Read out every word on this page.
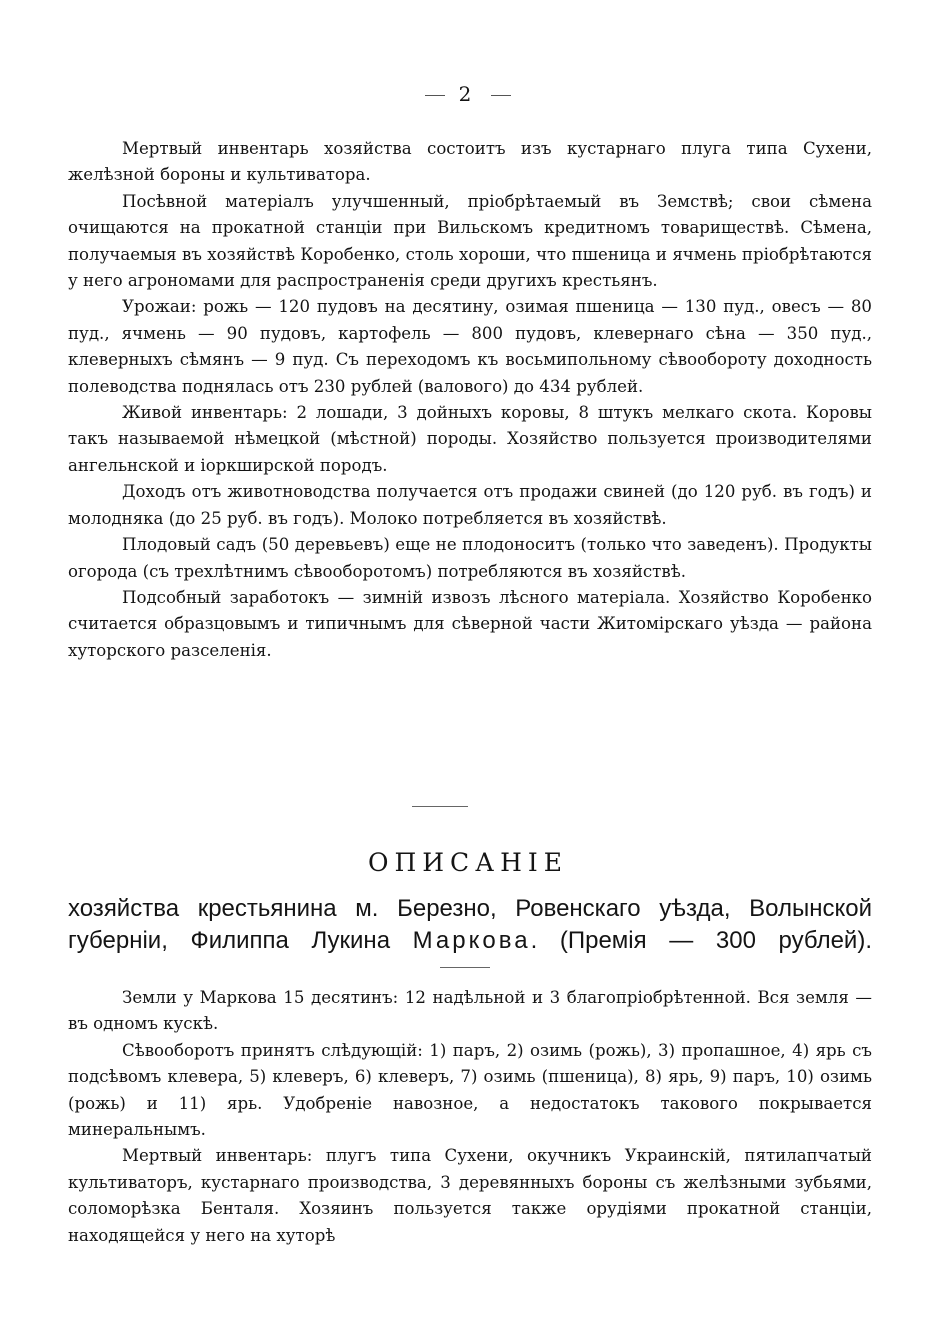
2

Мертвый инвентарь хозяйства состоитъ изъ кустарнаго плуга типа Сухени, желѣзной бороны и культиватора.

Посѣвной матеріалъ улучшенный, пріобрѣтаемый въ Земствѣ; свои сѣмена очищаются на прокатной станціи при Вильскомъ кредитномъ товариществѣ. Сѣмена, получаемыя въ хозяйствѣ Коробенко, столь хороши, что пшеница и ячмень пріобрѣтаются у него агрономами для распространенія среди другихъ крестьянъ.

Урожаи: рожь — 120 пудовъ на десятину, озимая пшеница — 130 пуд., овесъ — 80 пуд., ячмень — 90 пудовъ, картофель — 800 пудовъ, клевернаго сѣна — 350 пуд., клеверныхъ сѣмянъ — 9 пуд. Съ переходомъ къ восьмипольному сѣвообороту доходность полеводства поднялась отъ 230 рублей (валового) до 434 рублей.

Живой инвентарь: 2 лошади, 3 дойныхъ коровы, 8 штукъ мелкаго скота. Коровы такъ называемой нѣмецкой (мѣстной) породы. Хозяйство пользуется производителями ангельнской и іоркширской породъ.

Доходъ отъ животноводства получается отъ продажи свиней (до 120 руб. въ годъ) и молодняка (до 25 руб. въ годъ). Молоко потребляется въ хозяйствѣ.

Плодовый садъ (50 деревьевъ) еще не плодоноситъ (только что заведенъ). Продукты огорода (съ трехлѣтнимъ сѣвооборотомъ) потребляются въ хозяйствѣ.

Подсобный заработокъ — зимній извозъ лѣсного матеріала. Хозяйство Коробенко считается образцовымъ и типичнымъ для сѣверной части Житомірскаго уѣзда — района хуторского разселенія.

ОПИСАНІЕ
хозяйства крестьянина м. Березно, Ровенскаго уѣзда, Волынской
губерніи, Филиппа Лукина Маркова. (Премія — 300 рублей).

Земли у Маркова 15 десятинъ: 12 надѣльной и 3 благопріобрѣтенной. Вся земля — въ одномъ кускѣ.

Сѣвооборотъ принятъ слѣдующій: 1) паръ, 2) озимь (рожь), 3) пропашное, 4) ярь съ подсѣвомъ клевера, 5) клеверъ, 6) клеверъ, 7) озимь (пшеница), 8) ярь, 9) паръ, 10) озимь (рожь) и 11) ярь. Удобреніе навозное, а недостатокъ такового покрывается минеральнымъ.

Мертвый инвентарь: плугъ типа Сухени, окучникъ Украинскій, пятилапчатый культиваторъ, кустарнаго производства, 3 деревянныхъ бороны съ желѣзными зубьями, соломорѣзка Бенталя. Хозяинъ пользуется также орудіями прокатной станціи, находящейся у него на хуторѣ
